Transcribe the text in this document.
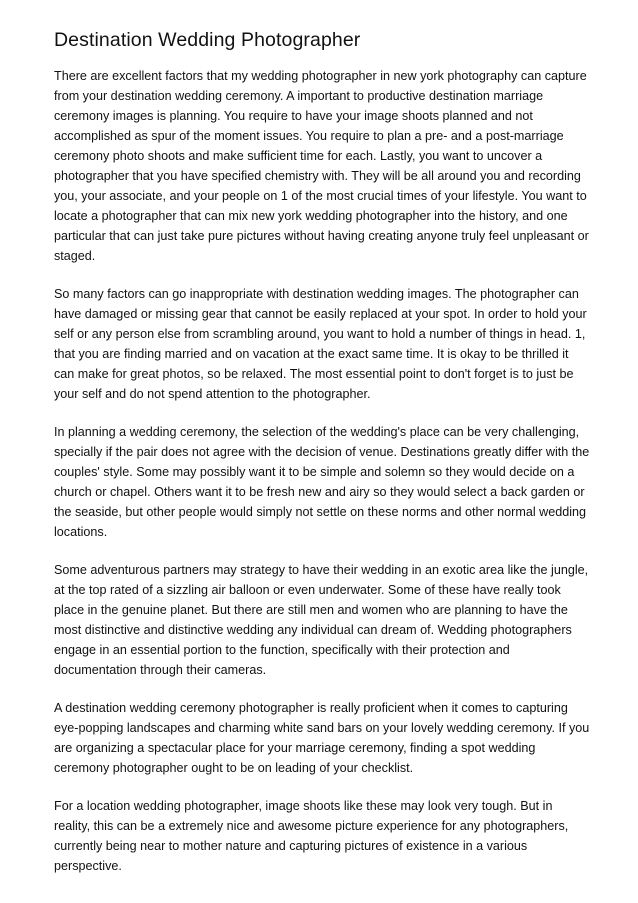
Destination Wedding Photographer

There are excellent factors that my wedding photographer in new york photography can capture from your destination wedding ceremony. A important to productive destination marriage ceremony images is planning. You require to have your image shoots planned and not accomplished as spur of the moment issues. You require to plan a pre- and a post-marriage ceremony photo shoots and make sufficient time for each. Lastly, you want to uncover a photographer that you have specified chemistry with. They will be all around you and recording you, your associate, and your people on 1 of the most crucial times of your lifestyle. You want to locate a photographer that can mix new york wedding photographer into the history, and one particular that can just take pure pictures without having creating anyone truly feel unpleasant or staged.

So many factors can go inappropriate with destination wedding images. The photographer can have damaged or missing gear that cannot be easily replaced at your spot. In order to hold your self or any person else from scrambling around, you want to hold a number of things in head. 1, that you are finding married and on vacation at the exact same time. It is okay to be thrilled it can make for great photos, so be relaxed. The most essential point to don't forget is to just be your self and do not spend attention to the photographer.

In planning a wedding ceremony, the selection of the wedding's place can be very challenging, specially if the pair does not agree with the decision of venue. Destinations greatly differ with the couples' style. Some may possibly want it to be simple and solemn so they would decide on a church or chapel. Others want it to be fresh new and airy so they would select a back garden or the seaside, but other people would simply not settle on these norms and other normal wedding locations.

Some adventurous partners may strategy to have their wedding in an exotic area like the jungle, at the top rated of a sizzling air balloon or even underwater. Some of these have really took place in the genuine planet. But there are still men and women who are planning to have the most distinctive and distinctive wedding any individual can dream of. Wedding photographers engage in an essential portion to the function, specifically with their protection and documentation through their cameras.

A destination wedding ceremony photographer is really proficient when it comes to capturing eye-popping landscapes and charming white sand bars on your lovely wedding ceremony. If you are organizing a spectacular place for your marriage ceremony, finding a spot wedding ceremony photographer ought to be on leading of your checklist.

For a location wedding photographer, image shoots like these may look very tough. But in reality, this can be a extremely nice and awesome picture experience for any photographers, currently being near to mother nature and capturing pictures of existence in a various perspective.
